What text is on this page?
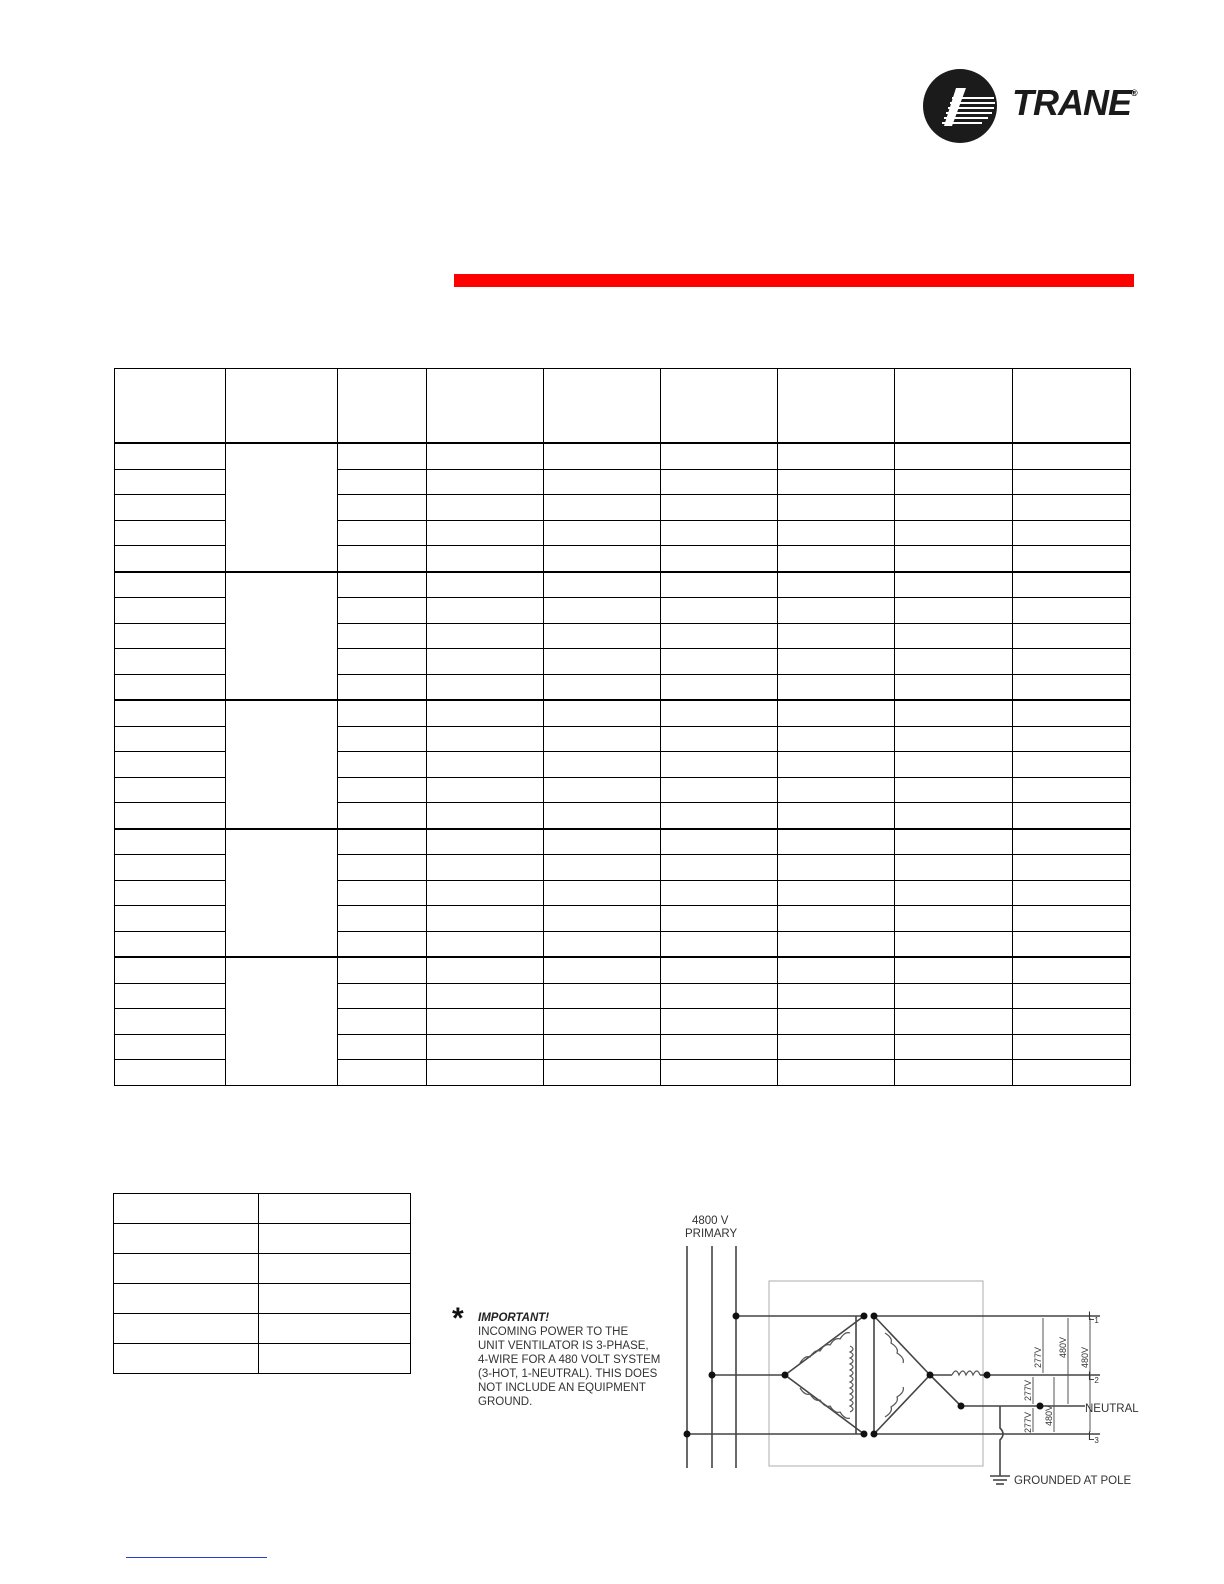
TRANE ®

4800 V
PRIMARY
* IMPORTANT!
INCOMING POWER TO THE
UNIT VENTILATOR IS 3-PHASE,
4-WIRE FOR A 480 VOLT SYSTEM
(3-HOT, 1-NEUTRAL). THIS DOES
NOT INCLUDE AN EQUIPMENT
GROUND.
277V 480V 480V
277V
480V
277V
$L_1$
$L_2$
NEUTRAL
$L_3$
GROUNDED AT POLE
